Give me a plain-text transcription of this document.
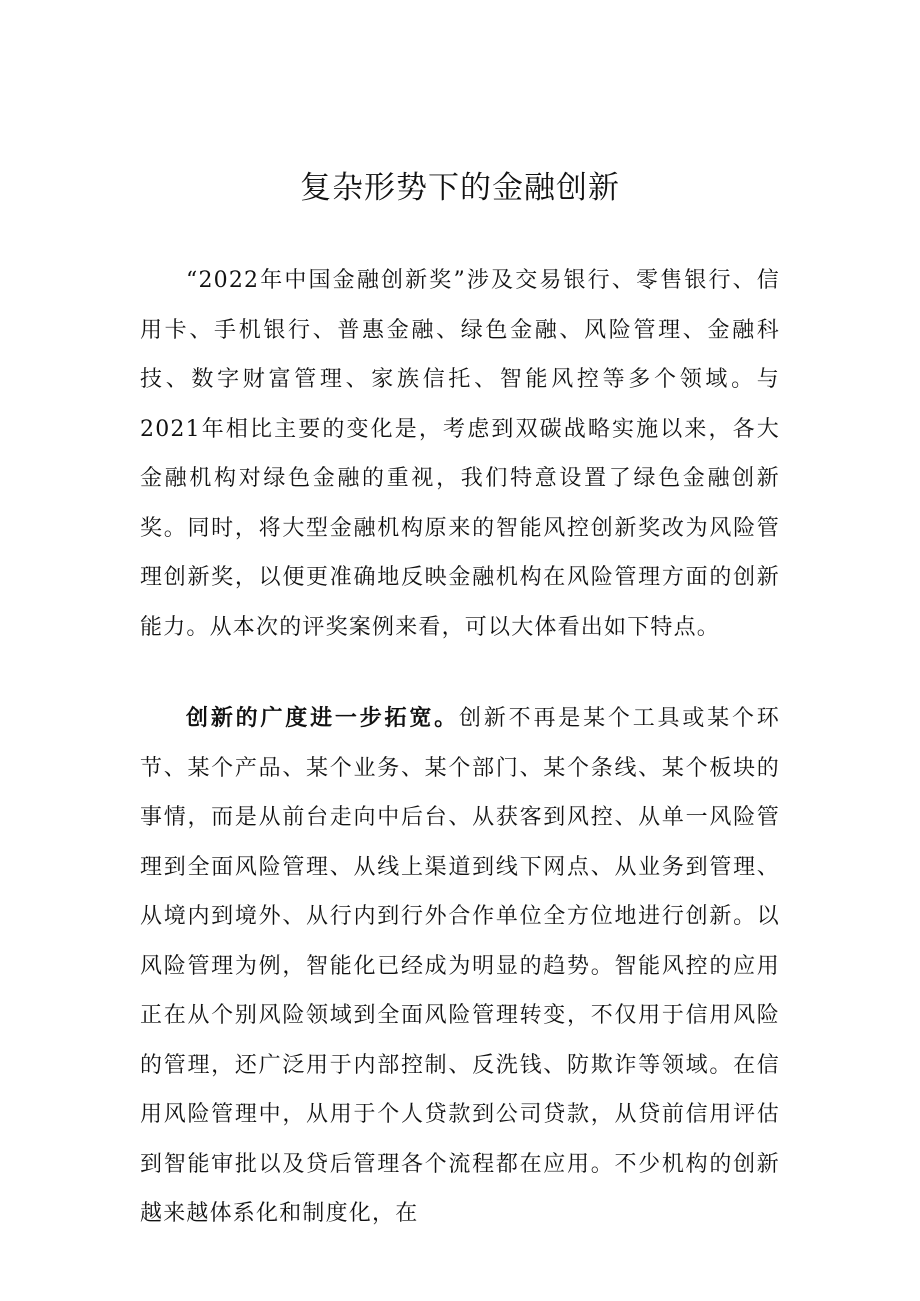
复杂形势下的金融创新

“2022年中国金融创新奖”涉及交易银行、零售银行、信用卡、手机银行、普惠金融、绿色金融、风险管理、金融科技、数字财富管理、家族信托、智能风控等多个领域。与2021年相比主要的变化是，考虑到双碳战略实施以来，各大金融机构对绿色金融的重视，我们特意设置了绿色金融创新奖。同时，将大型金融机构原来的智能风控创新奖改为风险管理创新奖，以便更准确地反映金融机构在风险管理方面的创新能力。从本次的评奖案例来看，可以大体看出如下特点。

创新的广度进一步拓宽。创新不再是某个工具或某个环节、某个产品、某个业务、某个部门、某个条线、某个板块的事情，而是从前台走向中后台、从获客到风控、从单一风险管理到全面风险管理、从线上渠道到线下网点、从业务到管理、从境内到境外、从行内到行外合作单位全方位地进行创新。以风险管理为例，智能化已经成为明显的趋势。智能风控的应用正在从个别风险领域到全面风险管理转变，不仅用于信用风险的管理，还广泛用于内部控制、反洗钱、防欺诈等领域。在信用风险管理中，从用于个人贷款到公司贷款，从贷前信用评估到智能审批以及贷后管理各个流程都在应用。不少机构的创新越来越体系化和制度化，在
